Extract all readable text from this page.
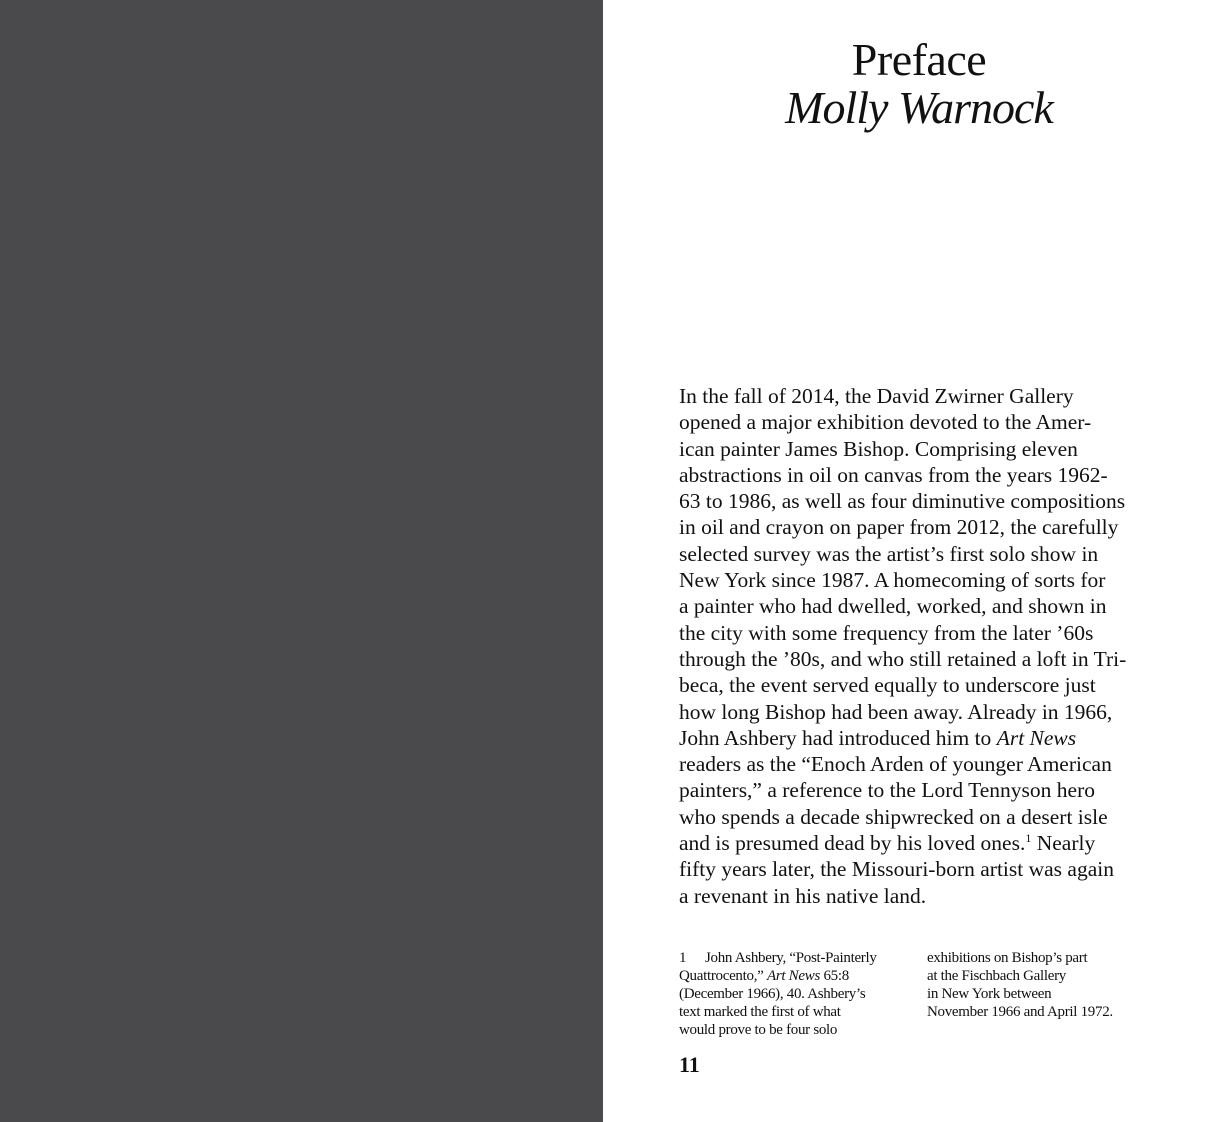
Preface
Molly Warnock
In the fall of 2014, the David Zwirner Gallery
opened a major exhibition devoted to the Amer-
ican painter James Bishop. Comprising eleven
abstractions in oil on canvas from the years 1962-
63 to 1986, as well as four diminutive compositions
in oil and crayon on paper from 2012, the carefully
selected survey was the artist’s first solo show in
New York since 1987. A homecoming of sorts for
a painter who had dwelled, worked, and shown in
the city with some frequency from the later ’60s
through the ’80s, and who still retained a loft in Tri-
beca, the event served equally to underscore just
how long Bishop had been away. Already in 1966,
John Ashbery had introduced him to Art News
readers as the “Enoch Arden of younger American
painters,” a reference to the Lord Tennyson hero
who spends a decade shipwrecked on a desert isle
and is presumed dead by his loved ones.$^1$ Nearly
fifty years later, the Missouri-born artist was again
a revenant in his native land.
1 John Ashbery, “Post-Painterly
Quattrocento,” Art News 65:8
(December 1966), 40. Ashbery’s
text marked the first of what
would prove to be four solo
exhibitions on Bishop’s part
at the Fischbach Gallery
in New York between
November 1966 and April 1972.
11
